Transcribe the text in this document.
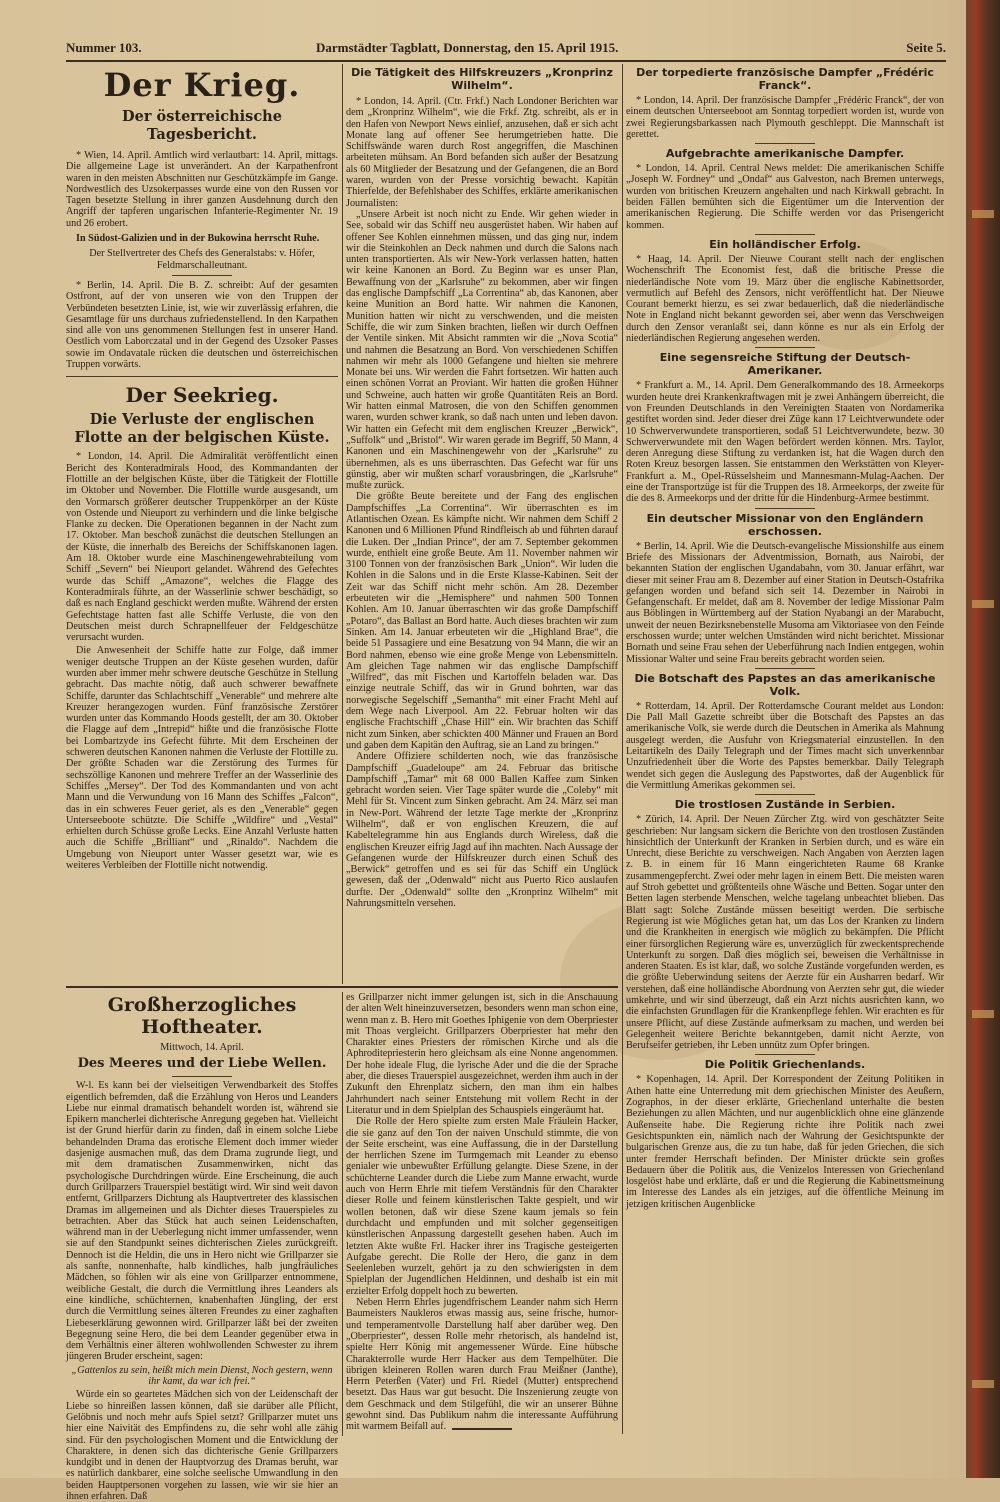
Nummer 103.	Darmstädter Tagblatt, Donnerstag, den 15. April 1915.	Seite 5.
Der Krieg.
Der österreichische Tagesbericht.

* Wien, 14. April. Amtlich wird verlautbart: 14. April, mittags. Die allgemeine Lage ist unverändert. An der Karpathenfront waren in den meisten Abschnitten nur Geschützkämpfe im Gange. Nordwestlich des Uzsokerpasses wurde eine von den Russen vor Tagen besetzte Stellung in ihrer ganzen Ausdehnung durch den Angriff der tapferen ungarischen Infanterie-Regimenter Nr. 19 und 26 erobert.

In Südost-Galizien und in der Bukowina herrscht Ruhe.

Der Stellvertreter des Chefs des Generalstabs: v. Höfer, Feldmarschalleutnant.

* Berlin, 14. April. Die B. Z. schreibt: Auf der gesamten Ostfront, auf der von unseren wie von den Truppen der Verbündeten besetzten Linie, ist, wie wir zuverlässig erfahren, die Gesamtlage für uns durchaus zufriedenstellend. In den Karpathen sind alle von uns genommenen Stellungen fest in unserer Hand. Oestlich vom Laborczatal und in der Gegend des Uzsoker Passes sowie im Ondavatale rücken die deutschen und österreichischen Truppen vorwärts.

Der Seekrieg.
Die Verluste der englischen Flotte an der belgischen Küste.

* London, 14. April. Die Admiralität veröffentlicht einen Bericht des Konteradmirals Hood, des Kommandanten der Flottille an der belgischen Küste, über die Tätigkeit der Flottille im Oktober und November. Die Flottille wurde ausgesandt, um den Vormarsch größerer deutscher Truppenkörper an der Küste von Ostende und Nieuport zu verhindern und die linke belgische Flanke zu decken. Die Operationen begannen in der Nacht zum 17. Oktober. Man beschoß zunächst die deutschen Stellungen an der Küste, die innerhalb des Bereichs der Schiffskanonen lagen. Am 18. Oktober wurde eine Maschinengewehrabteilung vom Schiff „Severn“ bei Nieuport gelandet. Während des Gefechtes wurde das Schiff „Amazone“, welches die Flagge des Konteradmirals führte, an der Wasserlinie schwer beschädigt, so daß es nach England geschickt werden mußte. Während der ersten Gefechtstage hatten fast alle Schiffe Verluste, die von den Deutschen meist durch Schrapnellfeuer der Feldgeschütze verursacht wurden.

Die Anwesenheit der Schiffe hatte zur Folge, daß immer weniger deutsche Truppen an der Küste gesehen wurden, dafür wurden aber immer mehr schwere deutsche Geschütze in Stellung gebracht. Das machte nötig, daß auch schwerer bewaffnete Schiffe, darunter das Schlachtschiff „Venerable“ und mehrere alte Kreuzer herangezogen wurden. Fünf französische Zerstörer wurden unter das Kommando Hoods gestellt, der am 30. Oktober die Flagge auf dem „Intrepid“ hißte und die französische Flotte bei Lombartzyde ins Gefecht führte. Mit dem Erscheinen der schweren deutschen Kanonen nahmen die Verluste der Flottille zu. Der größte Schaden war die Zerstörung des Turmes für sechszöllige Kanonen und mehrere Treffer an der Wasserlinie des Schiffes „Mersey“. Der Tod des Kommandanten und von acht Mann und die Verwundung von 16 Mann des Schiffes „Falcon“, das in ein schweres Feuer geriet, als es den „Venerable“ gegen Unterseeboote schützte. Die Schiffe „Wildfire“ und „Vestal“ erhielten durch Schüsse große Lecks. Eine Anzahl Verluste hatten auch die Schiffe „Brilliant“ und „Rinaldo“. Nachdem die Umgebung von Nieuport unter Wasser gesetzt war, wie es weiteres Verbleiben der Flottille nicht notwendig.

Die Tätigkeit des Hilfskreuzers „Kronprinz Wilhelm“.

* London, 14. April. (Ctr. Frkf.) Nach Londoner Berichten war dem „Kronprinz Wilhelm“, wie die Frkf. Ztg. schreibt, als er in den Hafen von Newport News einlief, anzusehen, daß er sich acht Monate lang auf offener See herumgetrieben hatte. Die Schiffswände waren durch Rost angegriffen, die Maschinen arbeiteten mühsam. An Bord befanden sich außer der Besatzung als 60 Mitglieder der Besatzung und der Gefangenen, die an Bord waren, wurden von der Presse vorsichtig bewacht. Kapitän Thierfelde, der Befehlshaber des Schiffes, erklärte amerikanischen Journalisten:

„Unsere Arbeit ist noch nicht zu Ende. Wir gehen wieder in See, sobald wir das Schiff neu ausgerüstet haben. Wir haben auf offener See Kohlen einnehmen müssen, und das ging nur, indem wir die Steinkohlen an Deck nahmen und durch die Salons nach unten transportierten. Als wir New-York verlassen hatten, hatten wir keine Kanonen an Bord. Zu Beginn war es unser Plan, Bewaffnung von der „Karlsruhe“ zu bekommen, aber wir fingen das englische Dampfschiff „La Correntina“ ab, das Kanonen, aber keine Munition an Bord hatte. Wir nahmen die Kanonen, Munition hatten wir nicht zu verschwenden, und die meisten Schiffe, die wir zum Sinken brachten, ließen wir durch Oeffnen der Ventile sinken. Mit Absicht rammten wir die „Nova Scotia“ und nahmen die Besatzung an Bord. Von verschiedenen Schiffen nahmen wir mehr als 1000 Gefangene und hielten sie mehrere Monate bei uns. Wir werden die Fahrt fortsetzen. Wir hatten auch einen schönen Vorrat an Proviant. Wir hatten die großen Hühner und Schweine, auch hatten wir große Quantitäten Reis an Bord. Wir hatten einmal Matrosen, die von den Schiffen genommen waren, wurden schwer krank, so daß nach unten und leben davon. Wir hatten ein Gefecht mit dem englischen Kreuzer „Berwick“, „Suffolk“ und „Bristol“. Wir waren gerade im Begriff, 50 Mann, 4 Kanonen und ein Maschinengewehr von der „Karlsruhe“ zu übernehmen, als es uns überraschten. Das Gefecht war für uns günstig, aber wir mußten scharf vorausbringen, die „Karlsruhe“ mußte zurück.

Die größte Beute bereitete und der Fang des englischen Dampfschiffes „La Correntina“. Wir überraschten es im Atlantischen Ozean. Es kämpfte nicht. Wir nahmen dem Schiff 2 Kanonen und 6 Millionen Pfund Rindfleisch ab und führten darauf die Luken. Der „Indian Prince“, der am 7. September gekommen wurde, enthielt eine große Beute. Am 11. November nahmen wir 3100 Tonnen von der französischen Bark „Union“. Wir luden die Kohlen in die Salons und in die Erste Klasse-Kabinen. Seit der Zeit war das Schiff nicht mehr schön. Am 28. Dezember erbeuteten wir die „Hemisphere“ und nahmen 500 Tonnen Kohlen. Am 10. Januar überraschten wir das große Dampfschiff „Potaro“, das Ballast an Bord hatte. Auch dieses brachten wir zum Sinken. Am 14. Januar erbeuteten wir die „Highland Brae“, die beide 51 Passagiere und eine Besatzung von 94 Mann, die wir an Bord nahmen, ebenso wie eine große Menge von Lebensmitteln. Am gleichen Tage nahmen wir das englische Dampfschiff „Wilfred“, das mit Fischen und Kartoffeln beladen war. Das einzige neutrale Schiff, das wir in Grund bohrten, war das norwegische Segelschiff „Semantha“ mit einer Fracht Mehl auf dem Wege nach Liverpool. Am 22. Februar holten wir das englische Frachtschiff „Chase Hill“ ein. Wir brachten das Schiff nicht zum Sinken, aber schickten 400 Männer und Frauen an Bord und gaben dem Kapitän den Auftrag, sie an Land zu bringen.“

Andere Offiziere schilderten noch, wie das französische Dampfschiff „Guadeloupe“ am 24. Februar das britische Dampfschiff „Tamar“ mit 68 000 Ballen Kaffee zum Sinken gebracht worden seien. Vier Tage später wurde die „Coleby“ mit Mehl für St. Vincent zum Sinken gebracht. Am 24. März sei man in New-Port. Während der letzte Tage merkte der „Kronprinz Wilhelm“, daß er von englischen Kreuzern, die auf Kabeltelegramme hin aus Englands durch Wireless, daß die englischen Kreuzer eifrig Jagd auf ihn machten. Nach Aussage der Gefangenen wurde der Hilfskreuzer durch einen Schuß des „Berwick“ getroffen und es sei für das Schiff ein Unglück gewesen, daß der „Odenwald“ nicht aus Puerto Rico auslaufen durfte. Der „Odenwald“ sollte den „Kronprinz Wilhelm“ mit Nahrungsmitteln versehen.

Der torpedierte französische Dampfer „Frédéric Franck“.

* London, 14. April. Der französische Dampfer „Frédéric Franck“, der von einem deutschen Unterseeboot am Sonntag torpediert worden ist, wurde von zwei Regierungsbarkassen nach Plymouth geschleppt. Die Mannschaft ist gerettet.

Aufgebrachte amerikanische Dampfer.

* London, 14. April. Central News meldet: Die amerikanischen Schiffe „Joseph W. Fordney“ und „Ondaf“ aus Galveston, nach Bremen unterwegs, wurden von britischen Kreuzern angehalten und nach Kirkwall gebracht. In beiden Fällen bemühten sich die Eigentümer um die Intervention der amerikanischen Regierung. Die Schiffe werden vor das Prisengericht kommen.

Ein holländischer Erfolg.

* Haag, 14. April. Der Nieuwe Courant stellt nach der englischen Wochenschrift The Economist fest, daß die britische Presse die niederländische Note vom 19. März über die englische Kabinettsorder, vermutlich auf Befehl des Zensors, nicht veröffentlicht hat. Der Nieuwe Courant bemerkt hierzu, es sei zwar bedauerlich, daß die niederländische Note in England nicht bekannt geworden sei, aber wenn das Verschweigen durch den Zensor veranlaßt sei, dann könne es nur als ein Erfolg der niederländischen Regierung angesehen werden.

Eine segensreiche Stiftung der Deutsch-Amerikaner.

* Frankfurt a. M., 14. April. Dem Generalkommando des 18. Armeekorps wurden heute drei Krankenkraftwagen mit je zwei Anhängern überreicht, die von Freunden Deutschlands in den Vereinigten Staaten von Nordamerika gestiftet worden sind. Jeder dieser drei Züge kann 17 Leichtverwundete oder 10 Schwerverwundete transportieren, sodaß 51 Leichtverwundete, bezw. 30 Schwerverwundete mit den Wagen befördert werden können. Mrs. Taylor, deren Anregung diese Stiftung zu verdanken ist, hat die Wagen durch den Roten Kreuz besorgen lassen. Sie entstammen den Werkstätten von Kleyer-Frankfurt a. M., Opel-Rüsselsheim und Mannesmann-Mulag-Aachen. Der eine der Transportzüge ist für die Truppen des 18. Armeekorps, der zweite für die des 8. Armeekorps und der dritte für die Hindenburg-Armee bestimmt.

Ein deutscher Missionar von den Engländern erschossen.

* Berlin, 14. April. Wie die Deutsch-evangelische Missionshilfe aus einem Briefe des Missionars der Adventmission, Bornath, aus Nairobi, der bekannten Station der englischen Ugandabahn, vom 30. Januar erfährt, war dieser mit seiner Frau am 8. Dezember auf einer Station in Deutsch-Ostafrika gefangen worden und befand sich seit 14. Dezember in Nairobi in Gefangenschaft. Er meldet, daß am 8. November der ledige Missionar Palm aus Böblingen in Württemberg auf der Station Nyabangi an der Marabucht, unweit der neuen Bezirksnebenstelle Musoma am Viktoriasee von den Feinde erschossen wurde; unter welchen Umständen wird nicht berichtet. Missionar Bornath und seine Frau sehen der Ueberführung nach Indien entgegen, wohin Missionar Walter und seine Frau bereits gebracht worden seien.

Die Botschaft des Papstes an das amerikanische Volk.

* Rotterdam, 14. April. Der Rotterdamsche Courant meldet aus London: Die Pall Mall Gazette schreibt über die Botschaft des Papstes an das amerikanische Volk, sie werde durch die Deutschen in Amerika als Mahnung ausgelegt werden, die Ausfuhr von Kriegsmaterial einzustellen. In den Leitartikeln des Daily Telegraph und der Times macht sich unverkennbar Unzufriedenheit über die Worte des Papstes bemerkbar. Daily Telegraph wendet sich gegen die Auslegung des Papstwortes, daß der Augenblick für die Vermittlung Amerikas gekommen sei.

Die trostlosen Zustände in Serbien.

* Zürich, 14. April. Der Neuen Zürcher Ztg. wird von geschätzter Seite geschrieben: Nur langsam sickern die Berichte von den trostlosen Zuständen hinsichtlich der Unterkunft der Kranken in Serbien durch, und es wäre ein Unrecht, diese Berichte zu verschweigen. Nach Angaben von Aerzten lagen z. B. in einem für 16 Mann eingerichteten Raume 68 Kranke zusammengepfercht. Zwei oder mehr lagen in einem Bett. Die meisten waren auf Stroh gebettet und größtenteils ohne Wäsche und Betten. Sogar unter den Betten lagen sterbende Menschen, welche tagelang unbeachtet blieben. Das Blatt sagt: Solche Zustände müssen beseitigt werden. Die serbische Regierung ist wie Mögliches getan hat, um das Los der Kranken zu lindern und die Krankheiten in energisch wie möglich zu bekämpfen. Die Pflicht einer fürsorglichen Regierung wäre es, unverzüglich für zweckentsprechende Unterkunft zu sorgen. Daß dies möglich sei, beweisen die Verhältnisse in anderen Staaten. Es ist klar, daß, wo solche Zustände vorgefunden werden, es die größte Ueberwindung seitens der Aerzte für ein Ausharren bedarf. Wir verstehen, daß eine holländische Abordnung von Aerzten sehr gut, die wieder umkehrte, und wir sind überzeugt, daß ein Arzt nichts ausrichten kann, wo die einfachsten Grundlagen für die Krankenpflege fehlen. Wir erachten es für unsere Pflicht, auf diese Zustände aufmerksam zu machen, und werden bei Gelegenheit weitere Berichte bekanntgeben, damit nicht Aerzte, von Berufseifer getrieben, ihr Leben unnütz zum Opfer bringen.

Die Politik Griechenlands.

* Kopenhagen, 14. April. Der Korrespondent der Zeitung Politiken in Athen hatte eine Unterredung mit dem griechischen Minister des Aeußern, Zographos, in der dieser erklärte, Griechenland unterhalte die besten Beziehungen zu allen Mächten, und nur augenblicklich ohne eine glänzende Außenseite habe. Die Regierung richte ihre Politik nach zwei Gesichtspunkten ein, nämlich nach der Wahrung der Gesichtspunkte der bulgarischen Grenze aus, die zu tun habe, daß für jeden Griechen, die sich unter fremder Herrschaft befinden. Der Minister drückte sein großes Bedauern über die Politik aus, die Venizelos Interessen von Griechenland losgelöst habe und erklärte, daß er und die Regierung die Kabinettsmeinung im Interesse des Landes als ein jetziges, auf die öffentliche Meinung im jetzigen kritischen Augenblicke

Großherzogliches Hoftheater.

Mittwoch, 14. April.

Des Meeres und der Liebe Wellen.

W-l. Es kann bei der vielseitigen Verwendbarkeit des Stoffes eigentlich befremden, daß die Erzählung von Heros und Leanders Liebe nur einmal dramatisch behandelt worden ist, während sie Epikern mancherlei dichterische Anregung gegeben hat. Vielleicht ist der Grund hierfür darin zu finden, daß in einem solche Liebe behandelnden Drama das erotische Element doch immer wieder dasjenige ausmachen muß, das dem Drama zugrunde liegt, und mit dem dramatischen Zusammenwirken, nicht das psychologische Durchdringen würde. Eine Erscheinung, die auch durch Grillparzers Trauerspiel bestätigt wird. Wir sind weit davon entfernt, Grillparzers Dichtung als Hauptvertreter des klassischen Dramas im allgemeinen und als Dichter dieses Trauerspieles zu betrachten. Aber das Stück hat auch seinen Leidenschaften, während man in der Ueberlegung nicht immer umfassender, wenn sie auf den Standpunkt seines dichterischen Zieles zurückgreift. Dennoch ist die Heldin, die uns in Hero nicht wie Grillparzer sie als sanfte, nonnenhafte, halb kindliches, halb jungfräuliches Mädchen, so föhlen wir als eine von Grillparzer entnommene, weibliche Gestalt, die durch die Vermittlung ihres Leanders als eine kindliche, schüchternen, knabenhaften Jüngling, der erst durch die Vermittlung seines älteren Freundes zu einer zaghaften Liebeserklärung gewonnen wird. Grillparzer läßt bei der zweiten Begegnung seine Hero, die bei dem Leander gegenüber etwa in dem Verhältnis einer älteren wohlwollenden Schwester zu ihrem jüngeren Bruder erscheint, sagen:

„Gattenlos zu sein, heißt mich mein Dienst, Noch gestern, wenn ihr kamt, da war ich frei.“

Würde ein so geartetes Mädchen sich von der Leidenschaft der Liebe so hinreißen lassen können, daß sie darüber alle Pflicht, Gelöbnis und noch mehr aufs Spiel setzt? Grillparzer mutet uns hier eine Naivität des Empfindens zu, die sehr wohl alle zähig sind. Für den psychologischen Moment und die Entwicklung der Charaktere, in denen sich das dichterische Genie Grillparzers kundgibt und in denen der Hauptvorzug des Dramas beruht, war es natürlich dankbarer, eine solche seelische Umwandlung in den beiden Hauptpersonen vorgehen zu lassen, wie wir sie hier an ihnen erfahren. Daß

es Grillparzer nicht immer gelungen ist, sich in die Anschauung der alten Welt hineinzuversetzen, besonders wenn man schon eine, wenn man z. B. Hero mit Goethes Iphigenie von dem Oberpriester mit Thoas vergleicht. Grillparzers Oberpriester hat mehr den Charakter eines Priesters der römischen Kirche und als die Aphroditepriesterin hero gleichsam als eine Nonne angenommen. Der hohe ideale Flug, die lyrische Ader und die die der Sprache aber, die dieses Trauerspiel ausgezeichnet, werden ihm auch in der Zukunft den Ehrenplatz sichern, den man ihm ein halbes Jahrhundert nach seiner Entstehung mit vollem Recht in der Literatur und in dem Spielplan des Schauspiels eingeräumt hat.

Die Rolle der Hero spielte zum ersten Male Fräulein Hacker, die sie ganz auf den Ton der naiven Unschuld stimmte, die von der Seite erscheint, was eine Auffassung, die in der Darstellung der herrlichen Szene im Turmgemach mit Leander zu ebenso genialer wie unbewußter Erfüllung gelangte. Diese Szene, in der schüchterne Leander durch die Liebe zum Manne erwacht, wurde auch von Herrn Ehrle mit tiefem Verständnis für den Charakter dieser Rolle und feinem künstlerischen Takte gespielt, und wir wollen betonen, daß wir diese Szene kaum jemals so fein durchdacht und empfunden und mit solcher gegenseitigen künstlerischen Anpassung dargestellt gesehen haben. Auch im letzten Akte wußte Frl. Hacker ihrer ins Tragische gesteigerten Aufgabe gerecht. Die Rolle der Hero, die ganz in dem Seelenleben wurzelt, gehört ja zu den schwierigsten in dem Spielplan der Jugendlichen Heldinnen, und deshalb ist ein mit erzielter Erfolg doppelt hoch zu bewerten.

Neben Herrn Ehrles jugendfrischem Leander nahm sich Herrn Baumeisters Naukleros etwas massig aus, seine frische, humor- und temperamentvolle Darstellung half aber darüber weg. Den „Oberpriester“, dessen Rolle mehr rhetorisch, als handelnd ist, spielte Herr König mit angemessener Würde. Eine hübsche Charakterrolle wurde Herr Hacker aus dem Tempelhüter. Die übrigen kleineren Rollen waren durch Frau Meißner (Janthe), Herrn Peterßen (Vater) und Frl. Riedel (Mutter) entsprechend besetzt. Das Haus war gut besucht. Die Inszenierung zeugte von dem Geschmack und dem Stilgefühl, die wir an unserer Bühne gewohnt sind. Das Publikum nahm die interessante Aufführung mit warmem Beifall auf.
